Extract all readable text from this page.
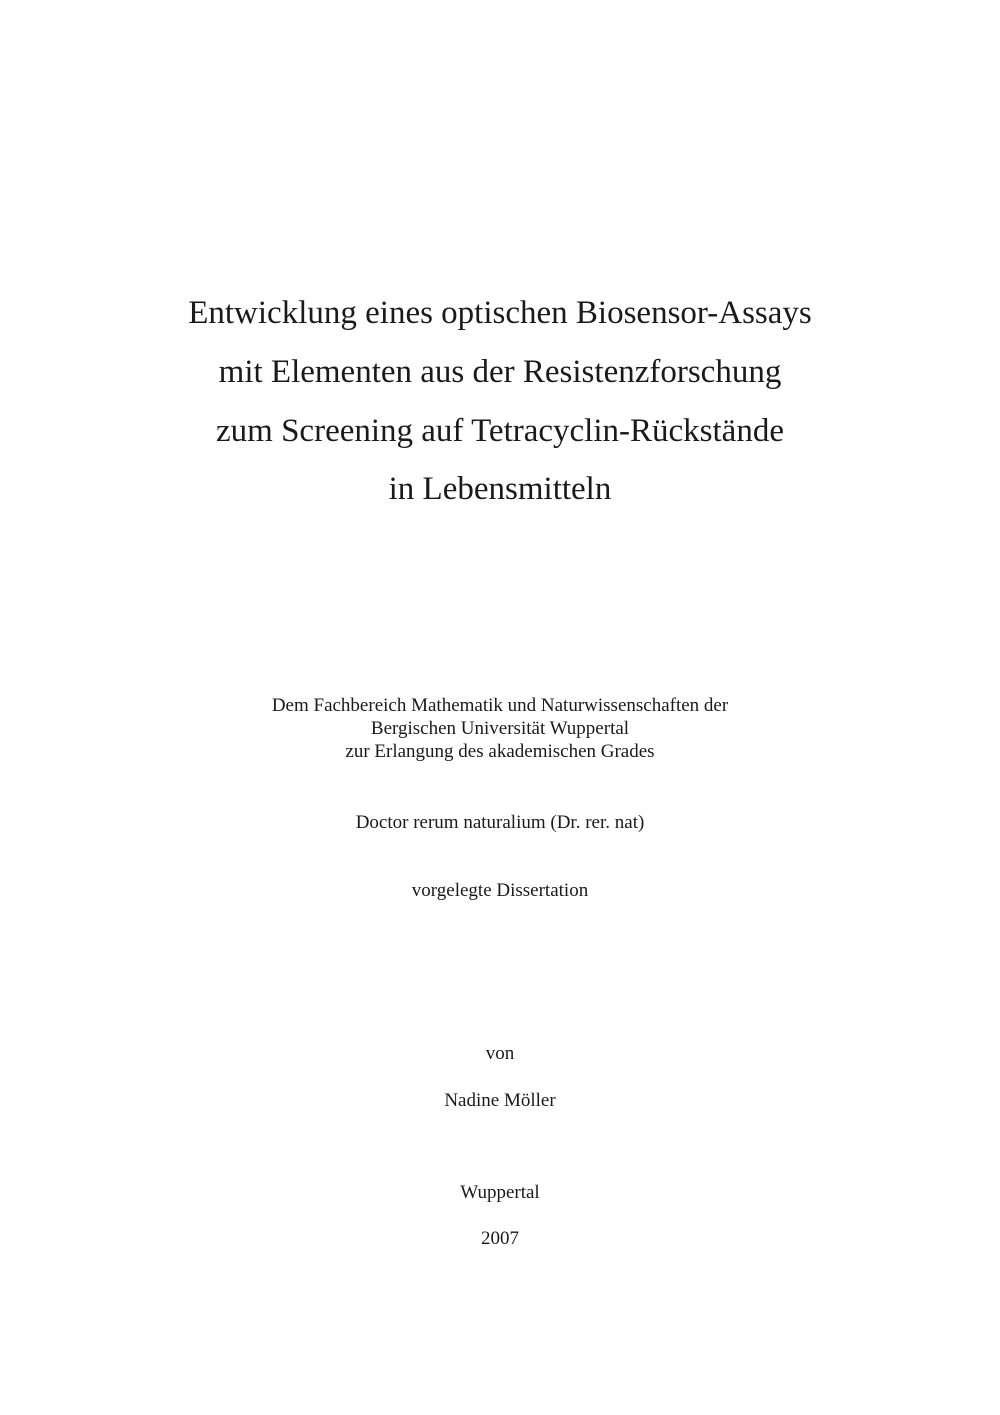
Entwicklung eines optischen Biosensor-Assays
mit Elementen aus der Resistenzforschung
zum Screening auf Tetracyclin-Rückstände
in Lebensmitteln
Dem Fachbereich Mathematik und Naturwissenschaften der
Bergischen Universität Wuppertal
zur Erlangung des akademischen Grades
Doctor rerum naturalium (Dr. rer. nat)
vorgelegte Dissertation
von
Nadine Möller
Wuppertal
2007
